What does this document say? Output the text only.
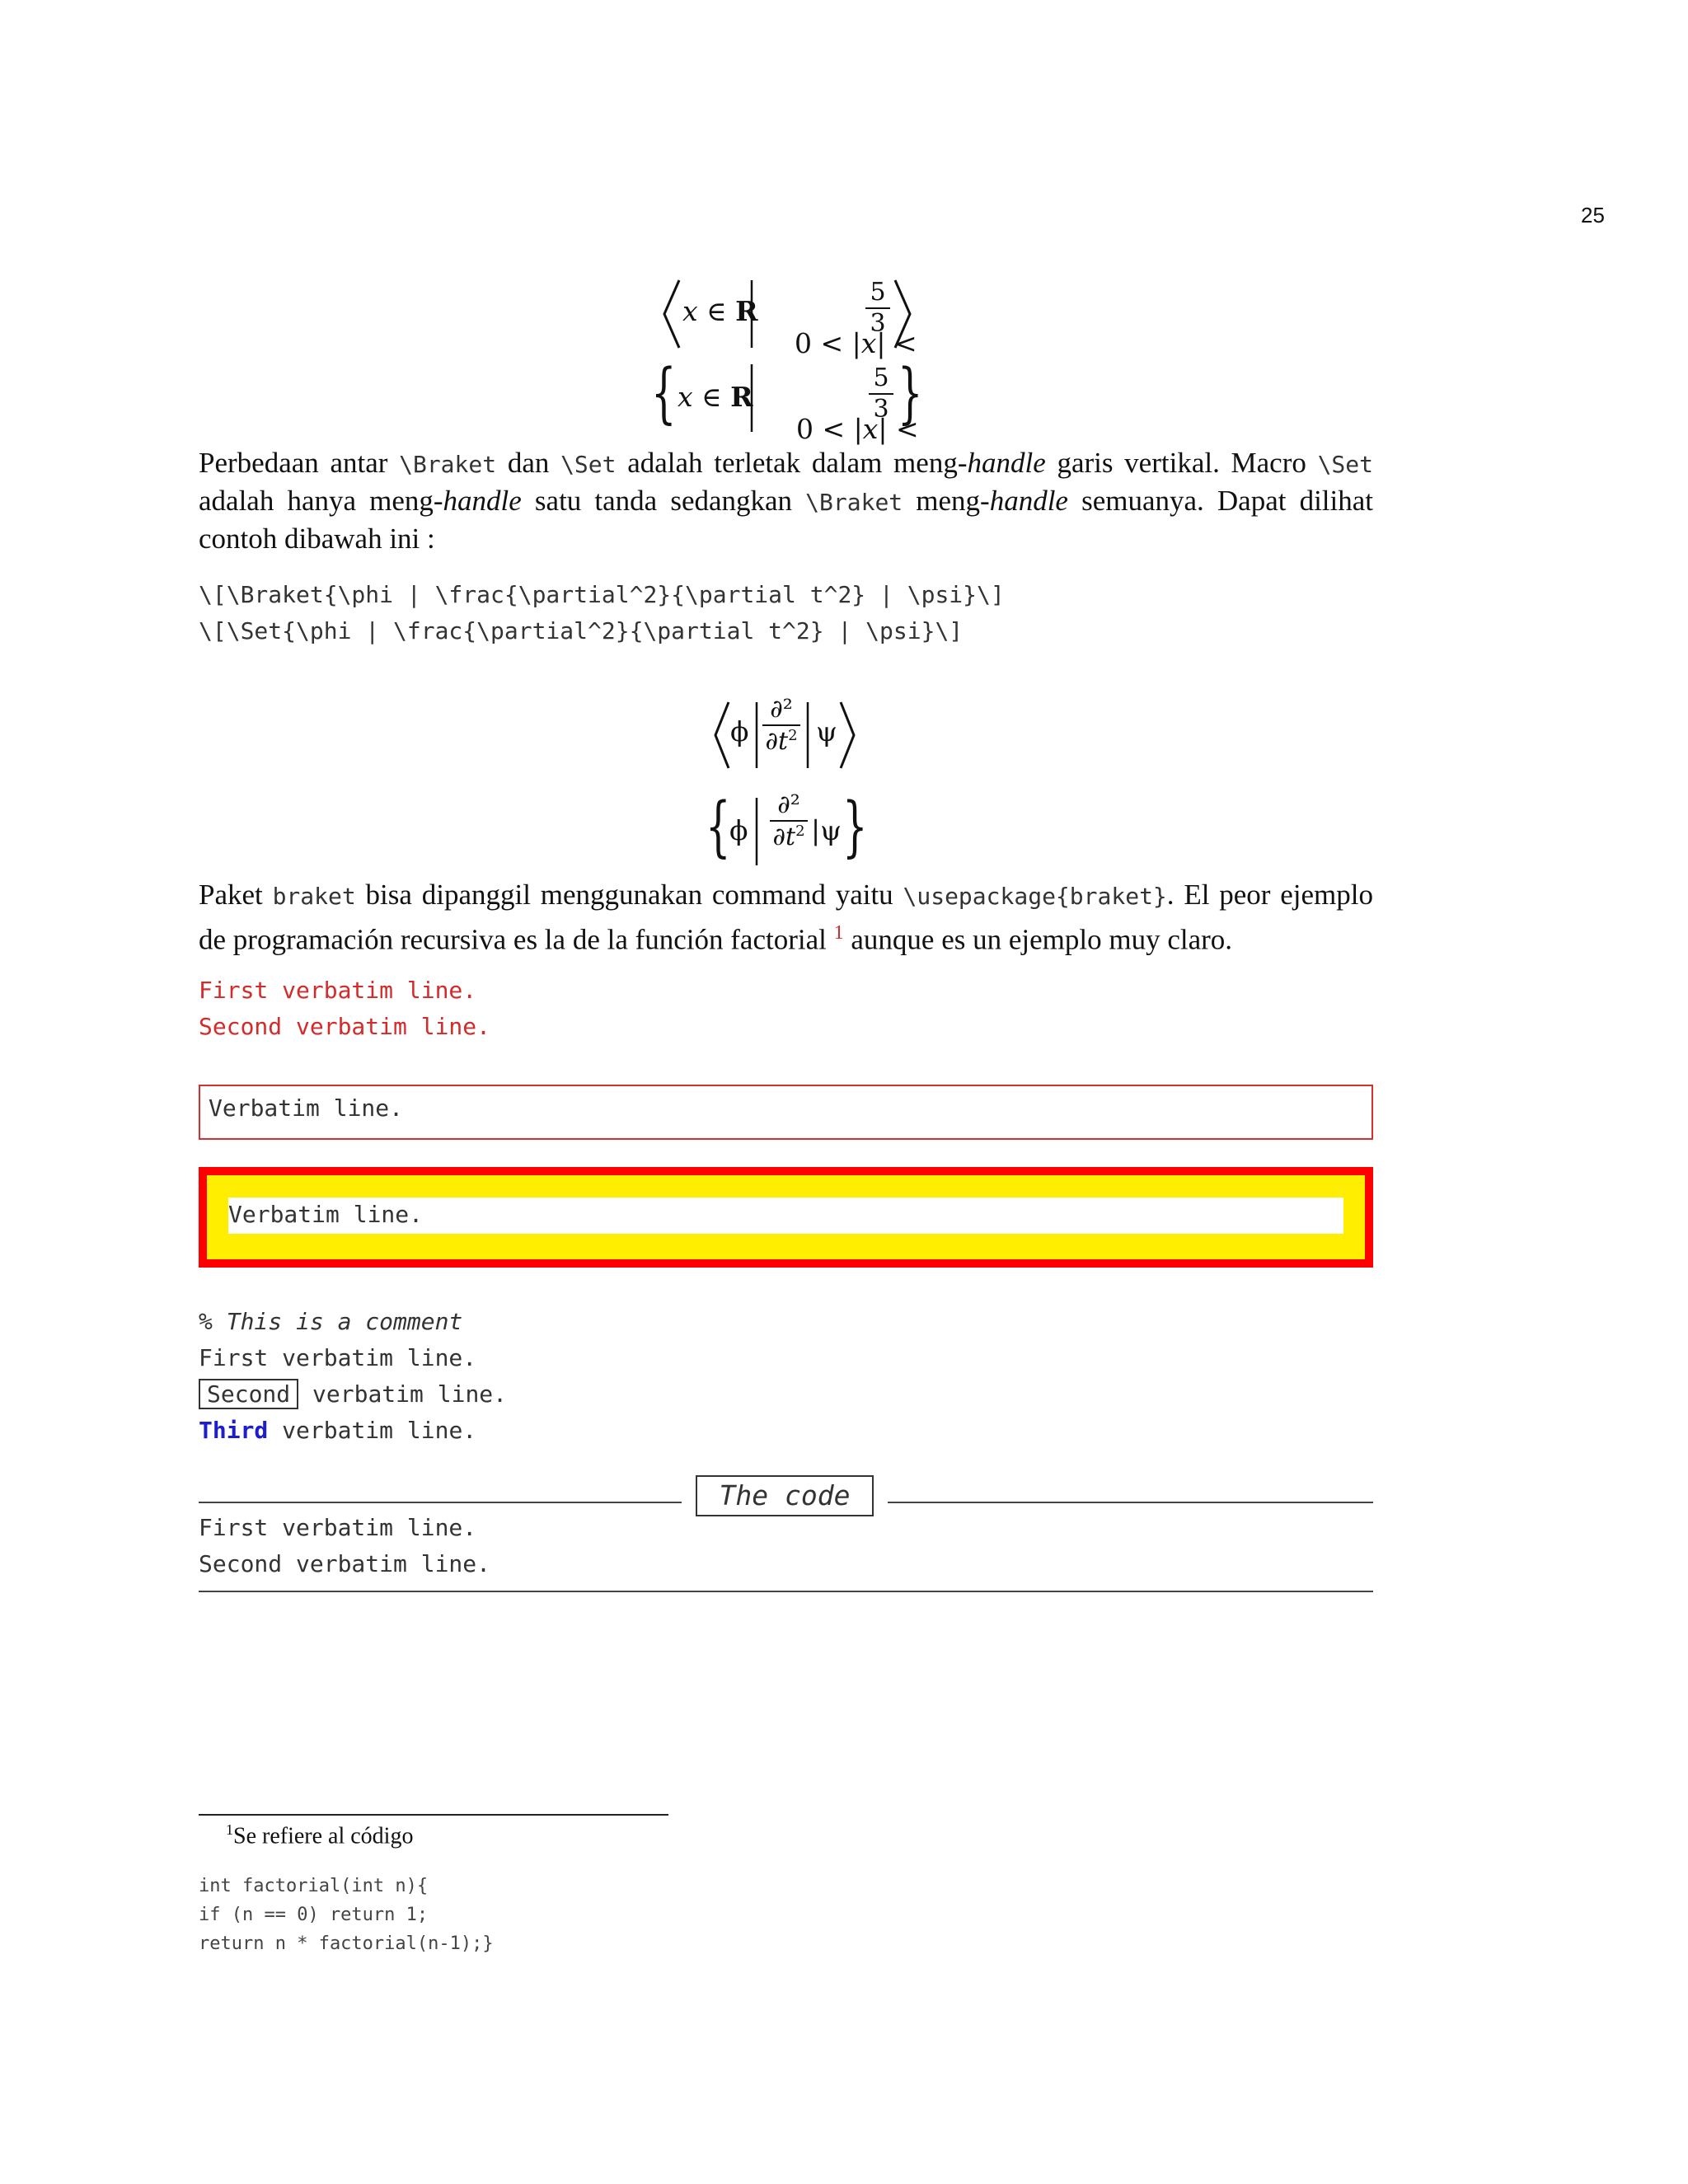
25
x ∈ R

0 < |x| <

5
3
{	}
x ∈ R

0 < |x| <

5
3
Perbedaan antar \Braket dan \Set adalah terletak dalam meng-handle garis vertikal. Macro \Set adalah hanya meng-handle satu tanda sedangkan \Braket meng-handle semuanya. Dapat dilihat contoh dibawah ini :
\[\Braket{\phi | \frac{\partial^2}{\partial t^2} | \psi}\]
\[\Set{\phi | \frac{\partial^2}{\partial t^2} | \psi}\]
ϕ
∂²
$\partial t^2$ ψ
{ }
ϕ
∂²
$\partial t^2$ |ψ
Paket braket bisa dipanggil menggunakan command yaitu \usepackage{braket}. El peor ejemplo de programación recursiva es la de la función factorial $^1$ aunque es un ejemplo muy claro.
First verbatim line.
Second verbatim line.
Verbatim line.
Verbatim line.
% This is a comment
First verbatim line.
Second verbatim line.
Third verbatim line.
The code
First verbatim line.
Second verbatim line.
$^1$Se refiere al código
int factorial(int n){
if (n == 0) return 1;
return n * factorial(n-1);}
